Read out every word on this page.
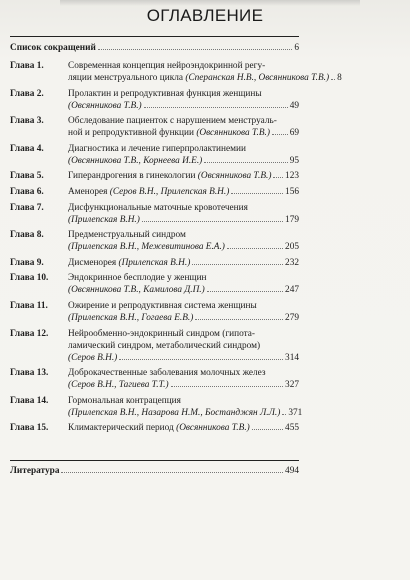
ОГЛАВЛЕНИЕ
Список сокращений	6
Глава 1.	Современная концепция нейроэндокринной регу-
ляции менструального цикла
(Сперанская Н.В., Овсянникова Т.В.) 8
Глава 2.	Пролактин и репродуктивная функция женщины
(Овсянникова Т.В.)	49
Глава 3.	Обследование пациенток с нарушением менструаль-
ной и репродуктивной функции
(Овсянникова Т.В.) 69
Глава 4.	Диагностика и лечение гиперпролактинемии
(Овсянникова Т.В., Корнеева И.Е.)	95
Глава 5.	Гиперандрогения в гинекологии
(Овсянникова Т.В.) 123
Глава 6.	Аменорея
(Серов В.Н., Прилепская В.Н.)	156
Глава 7.	Дисфункциональные маточные кровотечения
(Прилепская В.Н.)	179
Глава 8.	Предменструальный синдром
(Прилепская В.Н., Межевитинова Е.А.)	205
Глава 9.	Дисменорея
(Прилепская В.Н.)	232
Глава 10.	Эндокринное бесплодие у женщин
(Овсянникова Т.В., Камилова Д.П.)	247
Глава 11.	Ожирение и репродуктивная система женщины
(Прилепская В.Н., Гогаева Е.В.)	279
Глава 12.	Нейрообменно-эндокринный синдром (гипота-
ламический синдром, метаболический синдром)
(Серов В.Н.)	314
Глава 13.	Доброкачественные заболевания молочных желез
(Серов В.Н., Тагиева Т.Т.)	327
Глава 14.	Гормональная контрацепция
(Прилепская В.Н., Назарова Н.М., Бостанджян Л.Л.) 371
Глава 15.	Климактерический период
(Овсянникова Т.В.)	455
Литература	494
